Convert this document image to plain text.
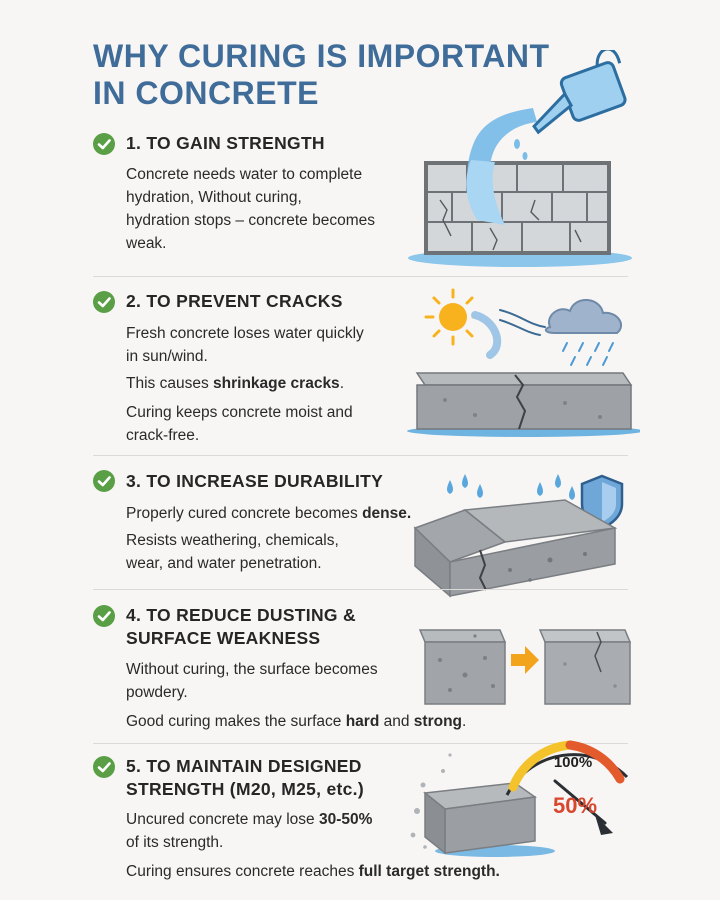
WHY CURING IS IMPORTANT
IN CONCRETE
1. TO GAIN STRENGTH
Concrete needs water to complete
hydration, Without curing,
hydration stops – concrete becomes
weak.
2. TO PREVENT CRACKS
Fresh concrete loses water quickly
in sun/wind.
This causes shrinkage cracks.
Curing keeps concrete moist and
crack-free.
3. TO INCREASE DURABILITY
Properly cured concrete becomes dense.
Resists weathering, chemicals,
wear, and water penetration.
4. TO REDUCE DUSTING &
SURFACE WEAKNESS
Without curing, the surface becomes
powdery.
Good curing makes the surface hard and strong.
5. TO MAINTAIN DESIGNED
STRENGTH (M20, M25, etc.)
Uncured concrete may lose 30-50%
of its strength.
Curing ensures concrete reaches full target strength.
100%
50%
